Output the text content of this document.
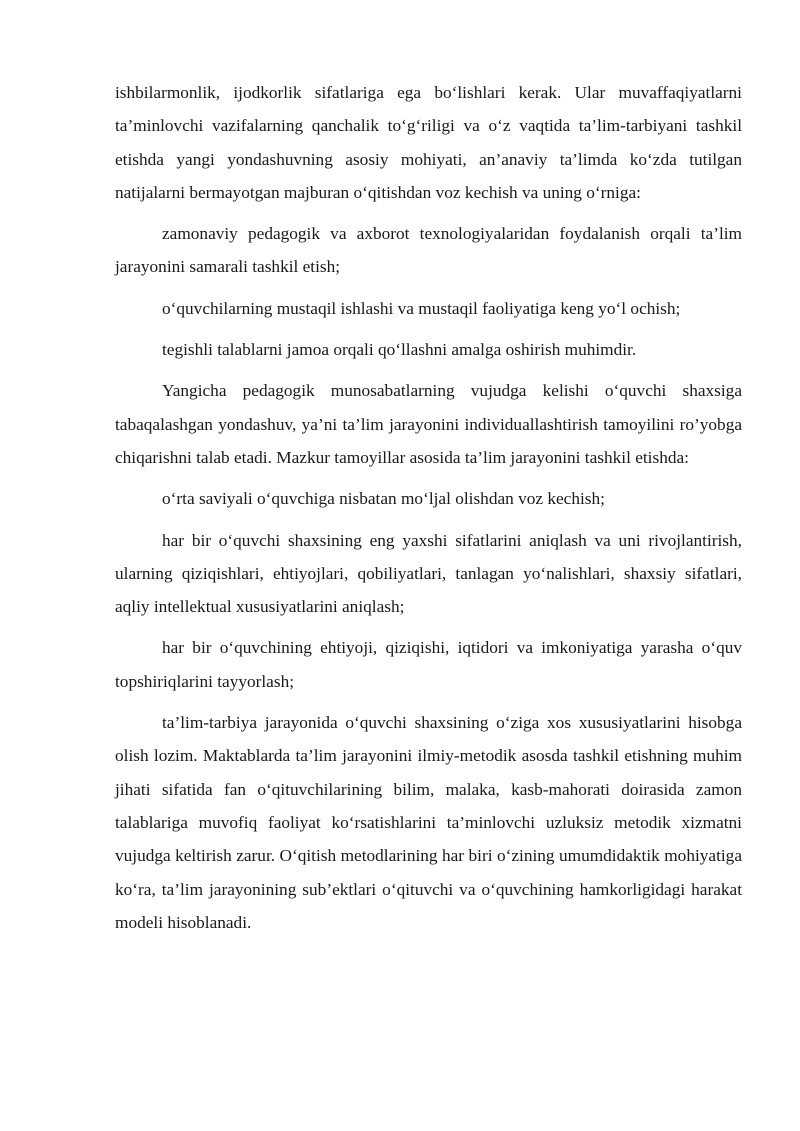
ishbilarmonlik, ijodkorlik sifatlariga ega bo‘lishlari kerak. Ular muvaffaqiyatlarni ta’minlovchi vazifalarning qanchalik to‘g‘riligi va o‘z vaqtida ta’lim-tarbiyani tashkil etishda yangi yondashuvning asosiy mohiyati, an’anaviy ta’limda ko‘zda tutilgan natijalarni bermayotgan majburan o‘qitishdan voz kechish va uning o‘rniga:

zamonaviy pedagogik va axborot texnologiyalaridan foydalanish orqali ta’lim jarayonini samarali tashkil etish;

o‘quvchilarning mustaqil ishlashi va mustaqil faoliyatiga keng yo‘l ochish;

tegishli talablarni jamoa orqali qo‘llashni amalga oshirish muhimdir.

Yangicha pedagogik munosabatlarning vujudga kelishi o‘quvchi shaxsiga tabaqalashgan yondashuv, ya’ni ta’lim jarayonini individuallashtirish tamoyilini ro’yobga chiqarishni talab etadi. Mazkur tamoyillar asosida ta’lim jarayonini tashkil etishda:

o‘rta saviyali o‘quvchiga nisbatan mo‘ljal olishdan voz kechish;

har bir o‘quvchi shaxsining eng yaxshi sifatlarini aniqlash va uni rivojlantirish, ularning qiziqishlari, ehtiyojlari, qobiliyatlari, tanlagan yo‘nalishlari, shaxsiy sifatlari, aqliy intellektual xususiyatlarini aniqlash;

har bir o‘quvchining ehtiyoji, qiziqishi, iqtidori va imkoniyatiga yarasha o‘quv topshiriqlarini tayyorlash;

ta’lim-tarbiya jarayonida o‘quvchi shaxsining o‘ziga xos xususiyatlarini hisobga olish lozim. Maktablarda ta’lim jarayonini ilmiy-metodik asosda tashkil etishning muhim jihati sifatida fan o‘qituvchilarining bilim, malaka, kasb-mahorati doirasida zamon talablariga muvofiq faoliyat ko‘rsatishlarini ta’minlovchi uzluksiz metodik xizmatni vujudga keltirish zarur. O‘qitish metodlarining har biri o‘zining umumdidaktik mohiyatiga ko‘ra, ta’lim jarayonining sub’ektlari o‘qituvchi va o‘quvchining hamkorligidagi harakat modeli hisoblanadi.
